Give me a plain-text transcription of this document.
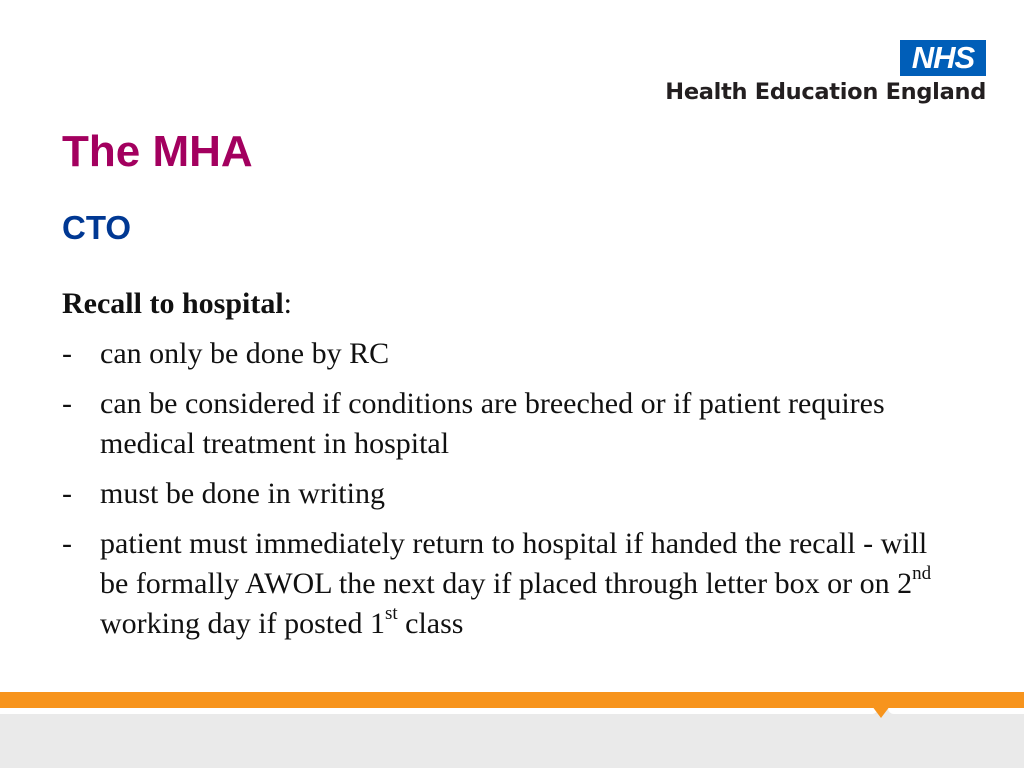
NHS
Health Education England
The MHA
CTO

Recall to hospital:

- can only be done by RC
- can be considered if conditions are breeched or if patient requires medical treatment in hospital
- must be done in writing
- patient must immediately return to hospital if handed the recall - will be formally AWOL the next day if placed through letter box or on 2nd working day if posted 1st class
